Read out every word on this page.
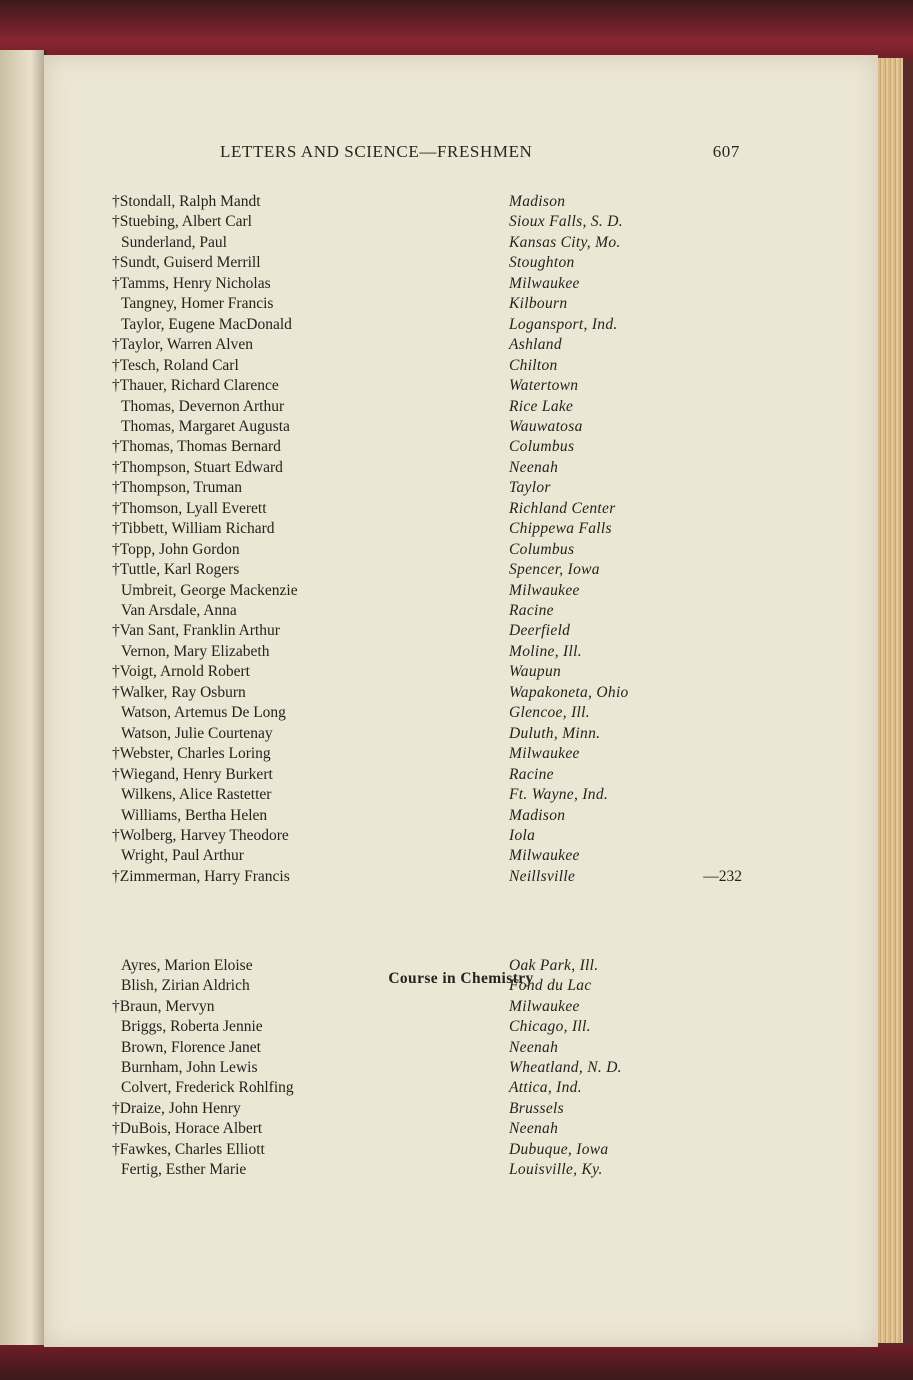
Course in Chemistry
LETTERS AND SCIENCE—FRESHMEN	607
†Stondall, Ralph Mandt	Madison
†Stuebing, Albert Carl	Sioux Falls, S. D.
Sunderland, Paul	Kansas City, Mo.
†Sundt, Guiserd Merrill	Stoughton
†Tamms, Henry Nicholas	Milwaukee
Tangney, Homer Francis	Kilbourn
Taylor, Eugene MacDonald	Logansport, Ind.
†Taylor, Warren Alven	Ashland
†Tesch, Roland Carl	Chilton
†Thauer, Richard Clarence	Watertown
Thomas, Devernon Arthur	Rice Lake
Thomas, Margaret Augusta	Wauwatosa
†Thomas, Thomas Bernard	Columbus
†Thompson, Stuart Edward	Neenah
†Thompson, Truman	Taylor
†Thomson, Lyall Everett	Richland Center
†Tibbett, William Richard	Chippewa Falls
†Topp, John Gordon	Columbus
†Tuttle, Karl Rogers	Spencer, Iowa
Umbreit, George Mackenzie	Milwaukee
Van Arsdale, Anna	Racine
†Van Sant, Franklin Arthur	Deerfield
Vernon, Mary Elizabeth	Moline, Ill.
†Voigt, Arnold Robert	Waupun
†Walker, Ray Osburn	Wapakoneta, Ohio
Watson, Artemus De Long	Glencoe, Ill.
Watson, Julie Courtenay	Duluth, Minn.
†Webster, Charles Loring	Milwaukee
†Wiegand, Henry Burkert	Racine
Wilkens, Alice Rastetter	Ft. Wayne, Ind.
Williams, Bertha Helen	Madison
†Wolberg, Harvey Theodore	Iola
Wright, Paul Arthur	Milwaukee
†Zimmerman, Harry Francis	Neillsville	—232
Ayres, Marion Eloise	Oak Park, Ill.
Blish, Zirian Aldrich	Fond du Lac
†Braun, Mervyn	Milwaukee
Briggs, Roberta Jennie	Chicago, Ill.
Brown, Florence Janet	Neenah
Burnham, John Lewis	Wheatland, N. D.
Colvert, Frederick Rohlfing	Attica, Ind.
†Draize, John Henry	Brussels
†DuBois, Horace Albert	Neenah
†Fawkes, Charles Elliott	Dubuque, Iowa
Fertig, Esther Marie	Louisville, Ky.
